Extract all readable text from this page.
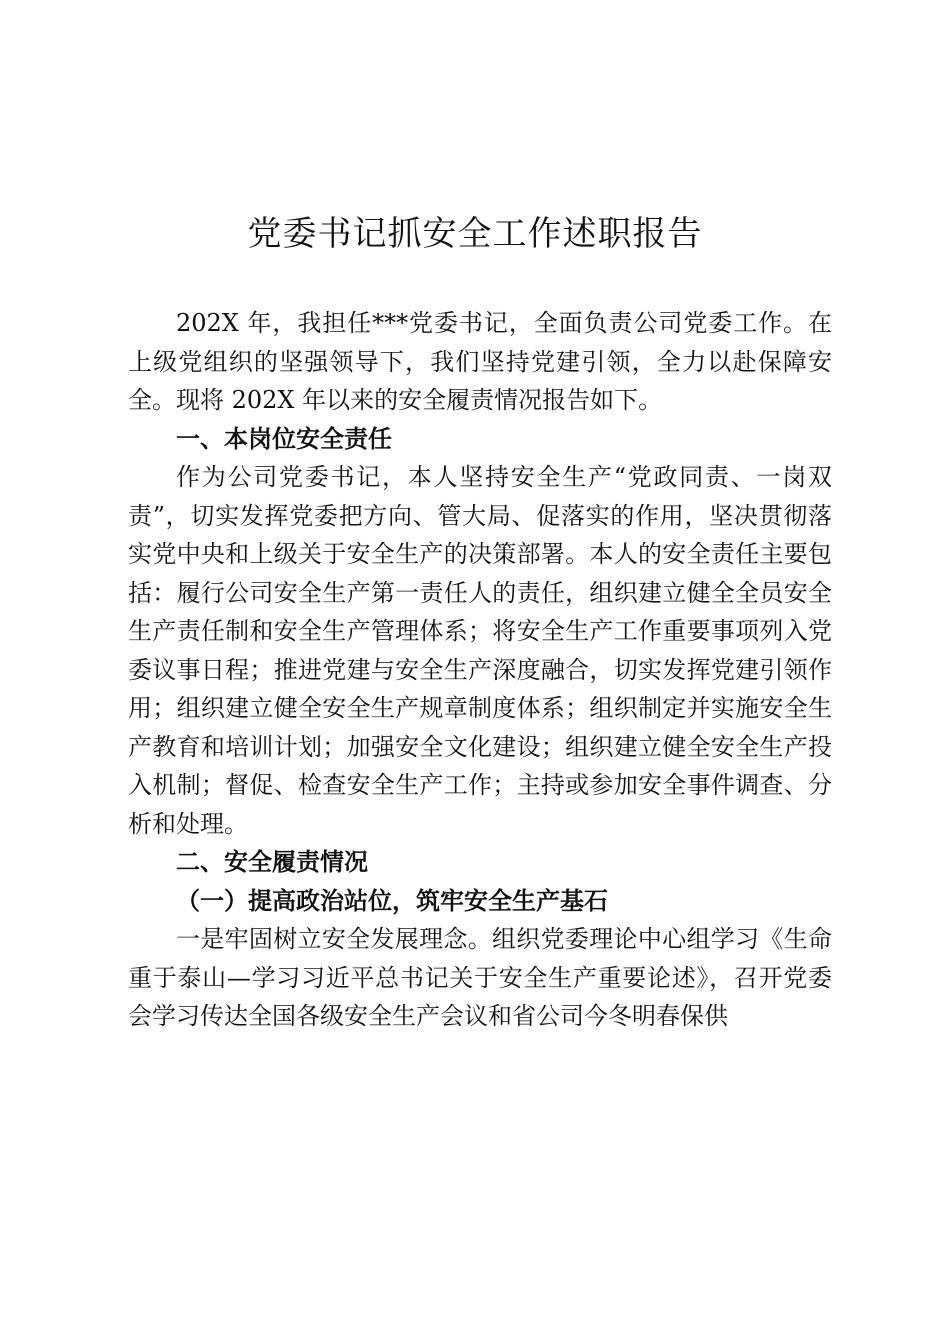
党委书记抓安全工作述职报告

202X 年，我担任***党委书记，全面负责公司党委工作。在上级党组织的坚强领导下，我们坚持党建引领，全力以赴保障安全。现将 202X 年以来的安全履责情况报告如下。

一、本岗位安全责任

作为公司党委书记，本人坚持安全生产“党政同责、一岗双责”，切实发挥党委把方向、管大局、促落实的作用，坚决贯彻落实党中央和上级关于安全生产的决策部署。本人的安全责任主要包括：履行公司安全生产第一责任人的责任，组织建立健全全员安全生产责任制和安全生产管理体系；将安全生产工作重要事项列入党委议事日程；推进党建与安全生产深度融合，切实发挥党建引领作用；组织建立健全安全生产规章制度体系；组织制定并实施安全生产教育和培训计划；加强安全文化建设；组织建立健全安全生产投入机制；督促、检查安全生产工作；主持或参加安全事件调查、分析和处理。

二、安全履责情况

（一）提高政治站位，筑牢安全生产基石

一是牢固树立安全发展理念。组织党委理论中心组学习《生命重于泰山—学习习近平总书记关于安全生产重要论述》，召开党委会学习传达全国各级安全生产会议和省公司今冬明春保供
